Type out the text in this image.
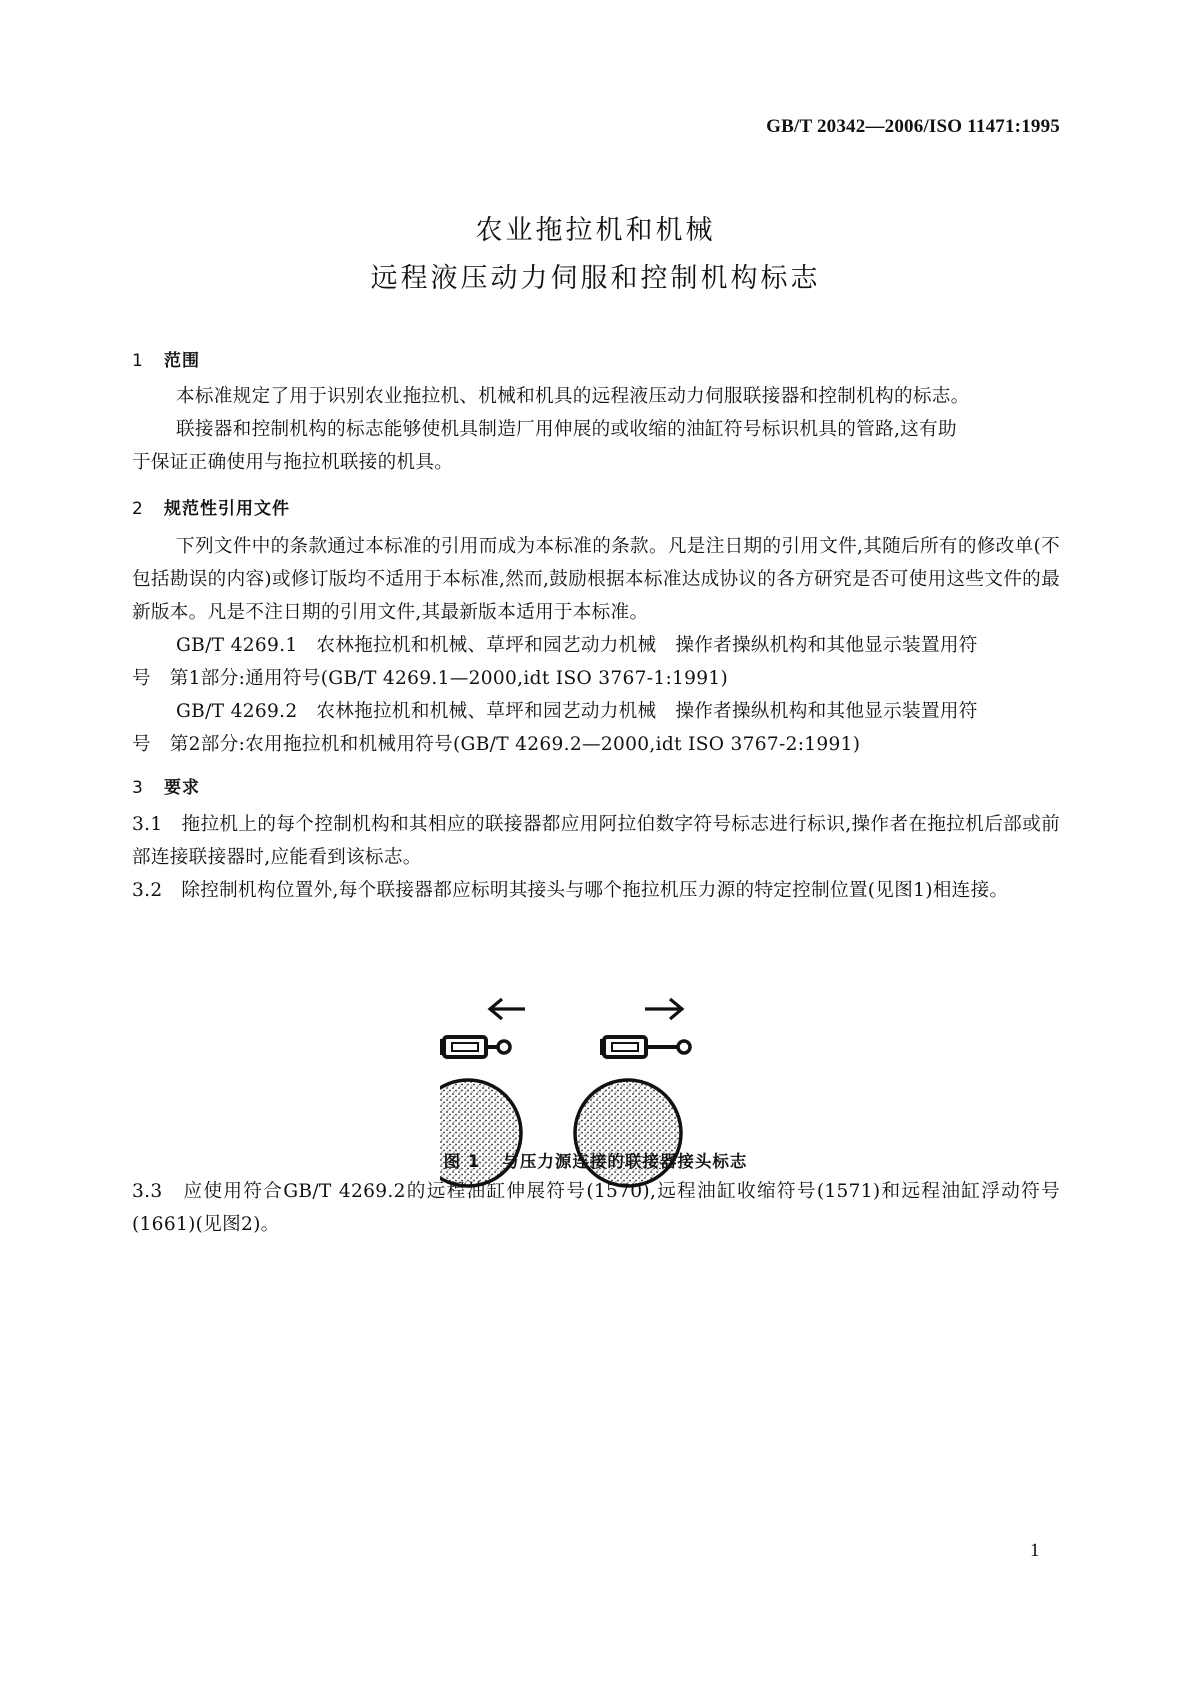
GB/T 20342—2006/ISO 11471:1995
农业拖拉机和机械
远程液压动力伺服和控制机构标志
1 范围
本标准规定了用于识别农业拖拉机、机械和机具的远程液压动力伺服联接器和控制机构的标志。
联接器和控制机构的标志能够使机具制造厂用伸展的或收缩的油缸符号标识机具的管路,这有助
于保证正确使用与拖拉机联接的机具。
2 规范性引用文件
下列文件中的条款通过本标准的引用而成为本标准的条款。凡是注日期的引用文件,其随后所有的修改单(不包括勘误的内容)或修订版均不适用于本标准,然而,鼓励根据本标准达成协议的各方研究是否可使用这些文件的最新版本。凡是不注日期的引用文件,其最新版本适用于本标准。
GB/T 4269.1　农林拖拉机和机械、草坪和园艺动力机械　操作者操纵机构和其他显示装置用符
号　第1部分:通用符号(GB/T 4269.1—2000,idt ISO 3767-1:1991)
GB/T 4269.2　农林拖拉机和机械、草坪和园艺动力机械　操作者操纵机构和其他显示装置用符
号　第2部分:农用拖拉机和机械用符号(GB/T 4269.2—2000,idt ISO 3767-2:1991)
3 要求
3.1　拖拉机上的每个控制机构和其相应的联接器都应用阿拉伯数字符号标志进行标识,操作者在拖拉机后部或前部连接联接器时,应能看到该标志。
3.2　除控制机构位置外,每个联接器都应标明其接头与哪个拖拉机压力源的特定控制位置(见图1)相连接。
图 1 与压力源连接的联接器接头标志
3.3　应使用符合GB/T 4269.2的远程油缸伸展符号(1570),远程油缸收缩符号(1571)和远程油缸浮动符号(1661)(见图2)。
1
